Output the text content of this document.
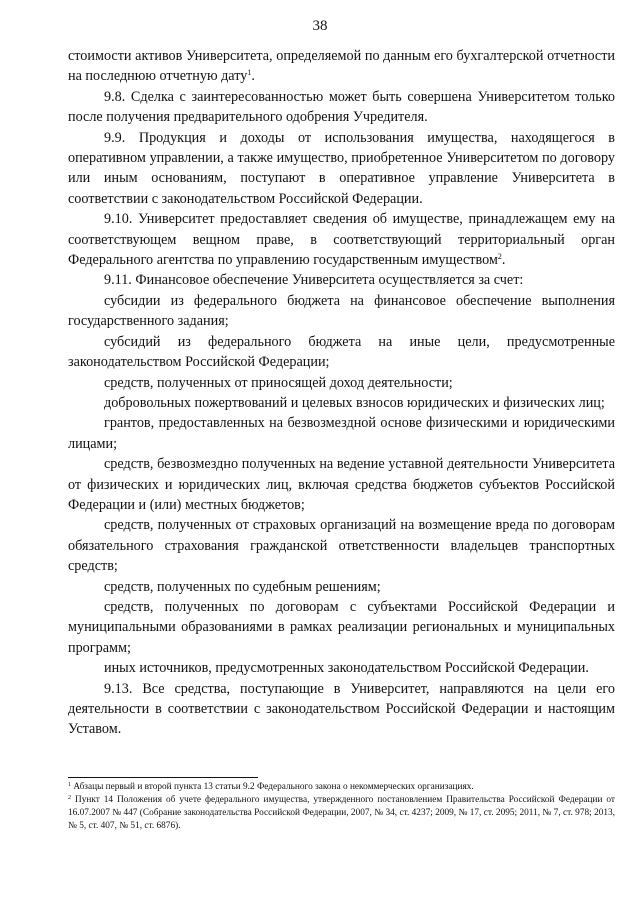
38

стоимости активов Университета, определяемой по данным его бухгалтерской отчетности на последнюю отчетную дату$^1$.

9.8. Сделка с заинтересованностью может быть совершена Университетом только после получения предварительного одобрения Учредителя.

9.9. Продукция и доходы от использования имущества, находящегося в оперативном управлении, а также имущество, приобретенное Университетом по договору или иным основаниям, поступают в оперативное управление Университета в соответствии с законодательством Российской Федерации.

9.10. Университет предоставляет сведения об имуществе, принадлежащем ему на соответствующем вещном праве, в соответствующий территориальный орган Федерального агентства по управлению государственным имуществом$^2$.

9.11. Финансовое обеспечение Университета осуществляется за счет:

субсидии из федерального бюджета на финансовое обеспечение выполнения государственного задания;

субсидий из федерального бюджета на иные цели, предусмотренные законодательством Российской Федерации;

средств, полученных от приносящей доход деятельности;

добровольных пожертвований и целевых взносов юридических и физических лиц;

грантов, предоставленных на безвозмездной основе физическими и юридическими лицами;

средств, безвозмездно полученных на ведение уставной деятельности Университета от физических и юридических лиц, включая средства бюджетов субъектов Российской Федерации и (или) местных бюджетов;

средств, полученных от страховых организаций на возмещение вреда по договорам обязательного страхования гражданской ответственности владельцев транспортных средств;

средств, полученных по судебным решениям;

средств, полученных по договорам с субъектами Российской Федерации и муниципальными образованиями в рамках реализации региональных и муниципальных программ;

иных источников, предусмотренных законодательством Российской Федерации.

9.13. Все средства, поступающие в Университет, направляются на цели его деятельности в соответствии с законодательством Российской Федерации и настоящим Уставом.

$^1$ Абзацы первый и второй пункта 13 статьи 9.2 Федерального закона о некоммерческих организациях.

$^2$ Пункт 14 Положения об учете федерального имущества, утвержденного постановлением Правительства Российской Федерации от 16.07.2007 № 447 (Собрание законодательства Российской Федерации, 2007, № 34, ст. 4237; 2009, № 17, ст. 2095; 2011, № 7, ст. 978; 2013, № 5, ст. 407, № 51, ст. 6876).
